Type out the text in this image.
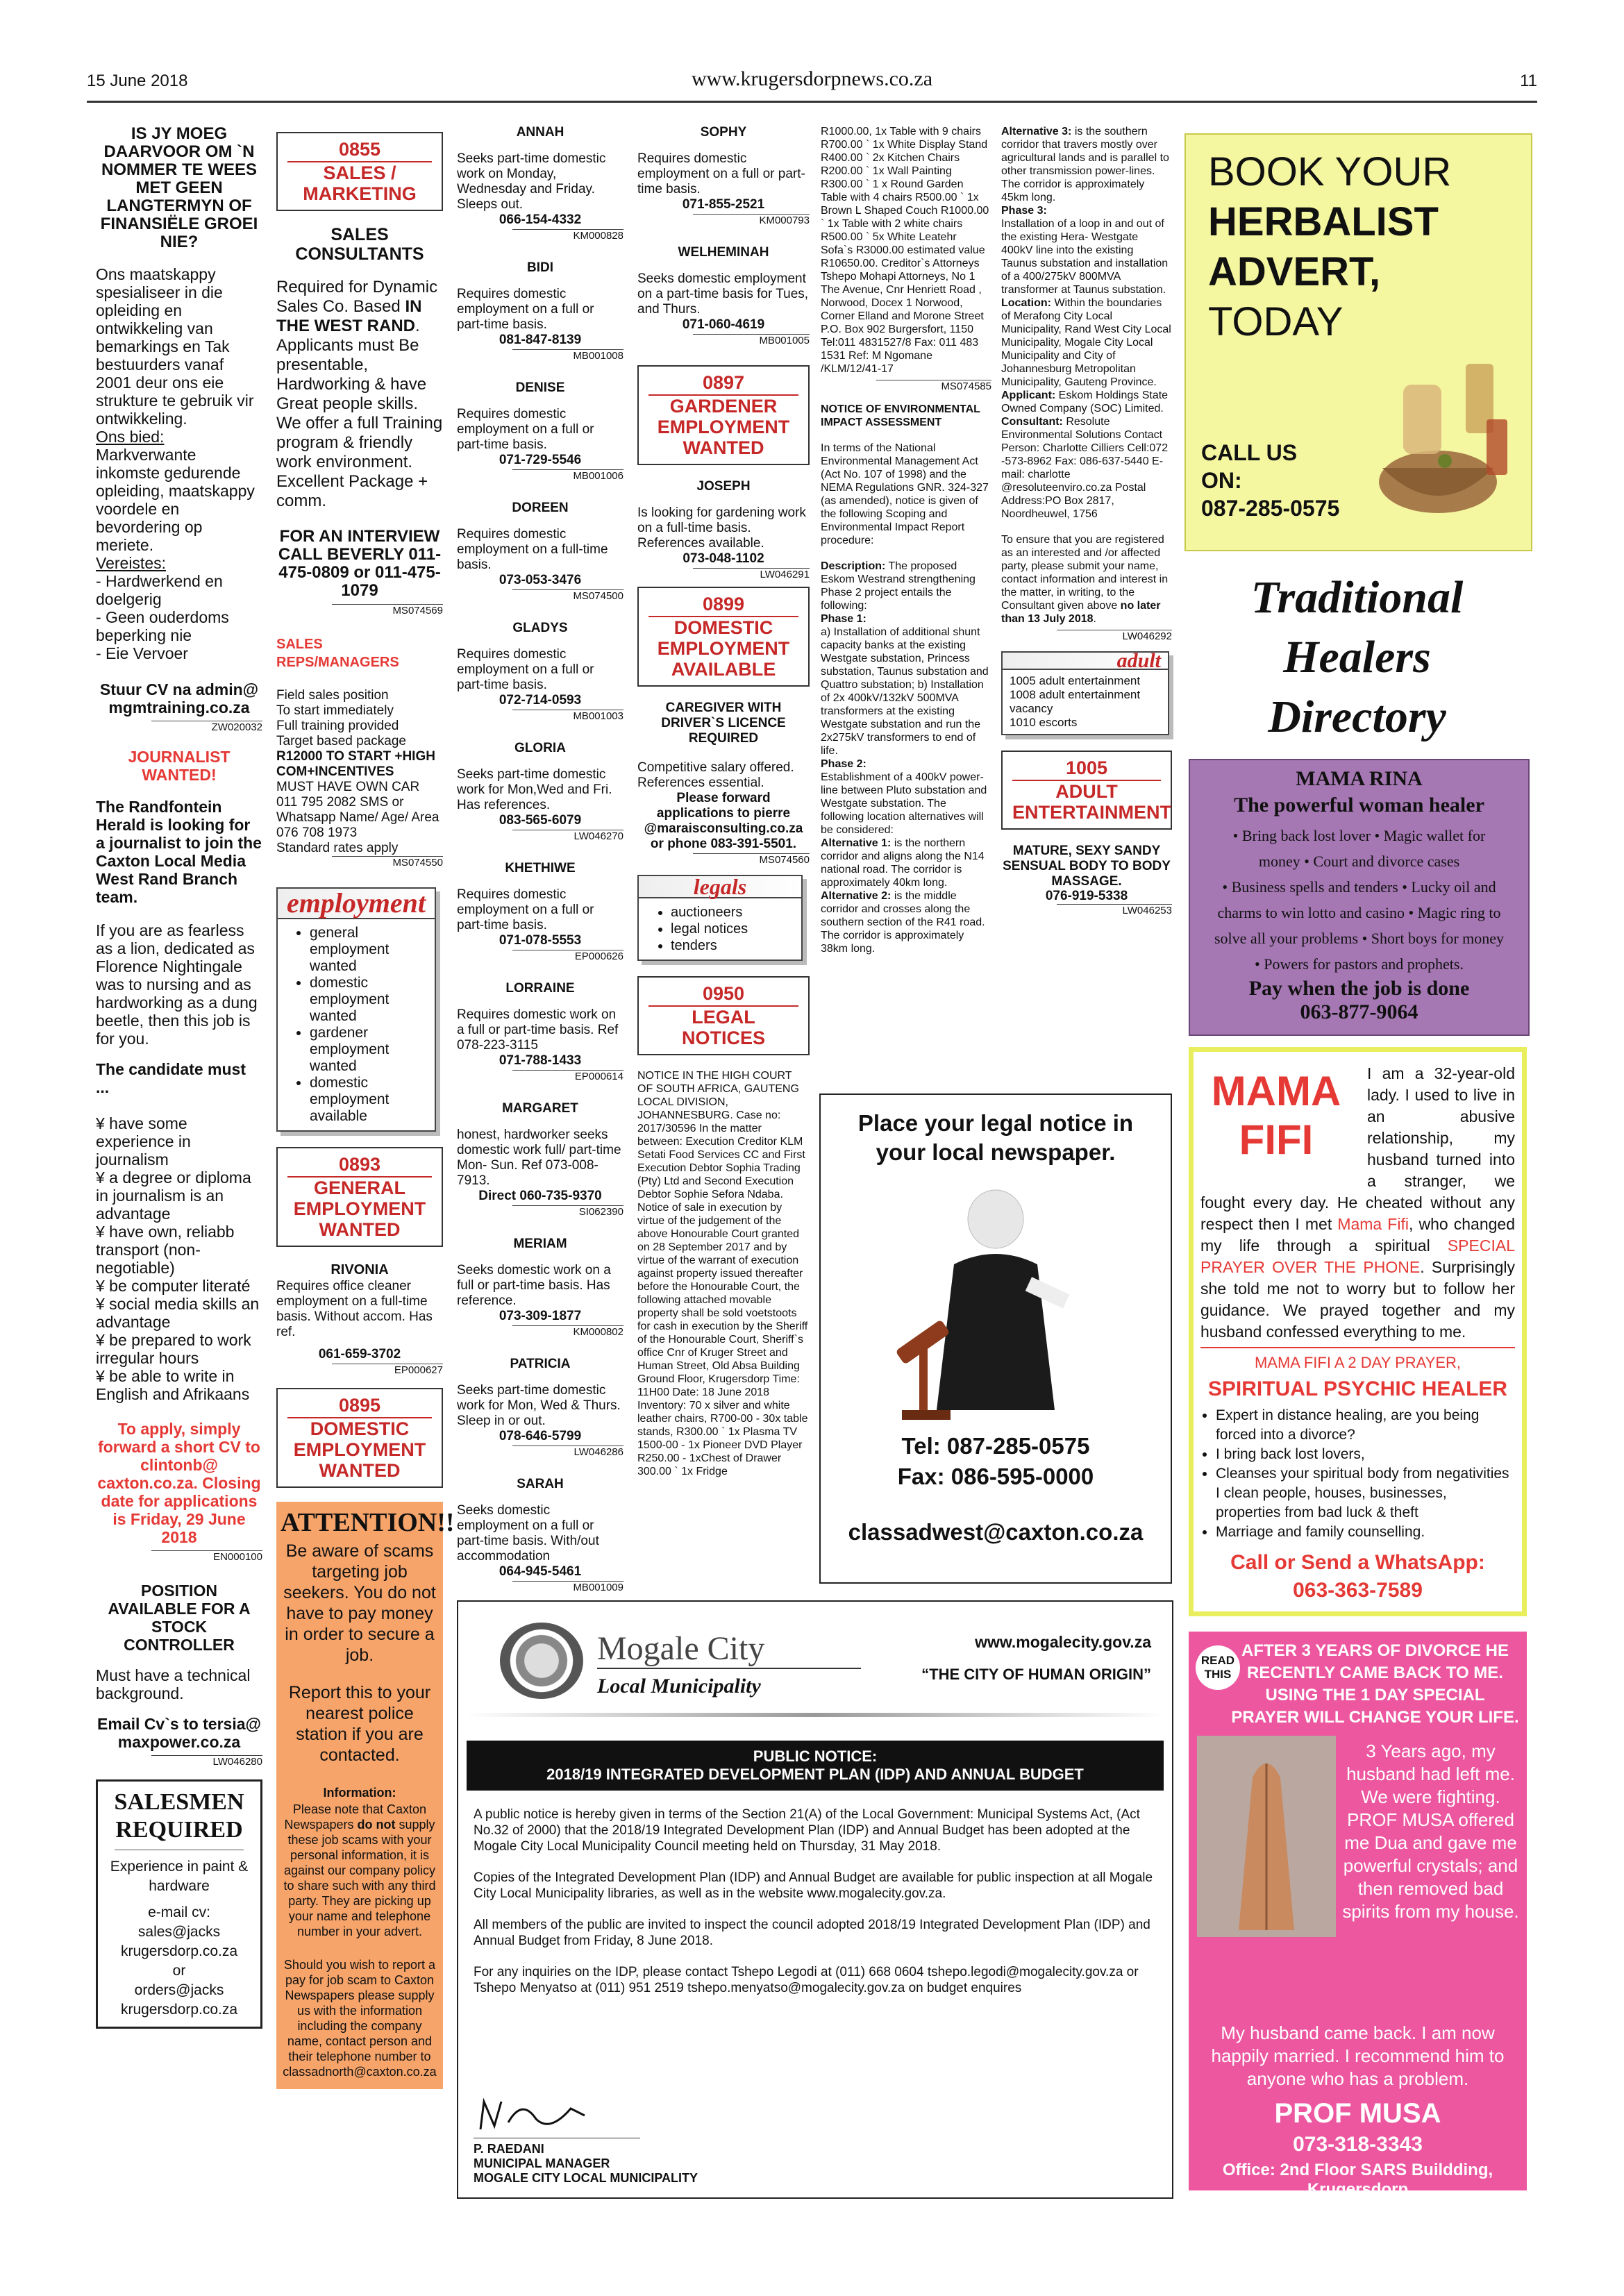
15 June 2018	www.krugersdorpnews.co.za	11
IS JY MOEG DAARVOOR OM `N NOMMER TE WEES MET GEEN LANGTERMYN OF FINANSIËLE GROEI NIE?
Ons maatskappy spesialiseer in die opleiding en ontwikkeling van bemarkings en Tak bestuurders vanaf 2001 deur ons eie strukture te gebruik vir ontwikkeling.
Ons bied:
Markverwante inkomste gedurende opleiding, maatskappy voordele en bevordering op meriete.
Vereistes:
- Hardwerkend en doelgerig
- Geen ouderdoms beperking nie
- Eie Vervoer
Stuur CV na admin@ mgmtraining.co.za
ZW020032
JOURNALIST WANTED!
The Randfontein Herald is looking for a journalist to join the Caxton Local Media West Rand Branch team.
If you are as fearless as a lion, dedicated as Florence Nightingale was to nursing and as hardworking as a dung beetle, then this job is for you.
The candidate must ...
¥ have some experience in journalism
¥ a degree or diploma in journalism is an advantage
¥ have own, reliabb transport (non-negotiable)
¥ be computer literaté
¥ social media skills an advantage
¥ be prepared to work irregular hours
¥ be able to write in English and Afrikaans
To apply, simply forward a short CV to clintonb@ caxton.co.za. Closing date for applications is Friday, 29 June 2018
EN000100
POSITION AVAILABLE FOR A STOCK CONTROLLER
Must have a technical background.
Email Cv`s to tersia@ maxpower.co.za
LW046280
SALESMEN REQUIRED
Experience in paint & hardware
e-mail cv:
sales@jacks krugersdorp.co.za
or
orders@jacks krugersdorp.co.za
0855
SALES / MARKETING
SALES CONSULTANTS
Required for Dynamic Sales Co. Based IN THE WEST RAND. Applicants must Be presentable, Hardworking & have Great people skills. We offer a full Training program & friendly work environment. Excellent Package + comm.
FOR AN INTERVIEW CALL BEVERLY 011- 475-0809 or 011-475-1079
MS074569
SALES REPS/MANAGERS
Field sales position
To start immediately
Full training provided
Target based package
R12000 TO START +HIGH COM+INCENTIVES
MUST HAVE OWN CAR
011 795 2082 SMS or Whatsapp Name/ Age/ Area 076 708 1973
Standard rates apply
MS074550
employment
• general employment wanted
• domestic employment wanted
• gardener employment wanted
• domestic employment available
0893
GENERAL EMPLOYMENT WANTED
RIVONIA
Requires office cleaner employment on a full-time basis. Without accom. Has ref.
061-659-3702
EP000627
0895
DOMESTIC EMPLOYMENT WANTED
ATTENTION!!
Be aware of scams targeting job seekers. You do not have to pay money in order to secure a job.
Report this to your nearest police station if you are contacted.
Information:
Please note that Caxton Newspapers do not supply these job scams with your personal information, it is against our company policy to share such with any third party. They are picking up your name and telephone number in your advert.
Should you wish to report a pay for job scam to Caxton Newspapers please supply us with the information including the company name, contact person and their telephone number to classadnorth@caxton.co.za
ANNAH
Seeks part-time domestic work on Monday, Wednesday and Friday. Sleeps out.
066-154-4332
KM000828
BIDI
Requires domestic employment on a full or part-time basis.
081-847-8139
MB001008
DENISE
Requires domestic employment on a full or part-time basis.
071-729-5546
MB001006
DOREEN
Requires domestic employment on a full-time basis.
073-053-3476
MS074500
GLADYS
Requires domestic employment on a full or part-time basis.
072-714-0593
MB001003
GLORIA
Seeks part-time domestic work for Mon,Wed and Fri. Has references.
083-565-6079
LW046270
KHETHIWE
Requires domestic employment on a full or part-time basis.
071-078-5553
EP000626
LORRAINE
Requires domestic work on a full or part-time basis. Ref 078-223-3115
071-788-1433
EP000614
MARGARET
honest, hardworker seeks domestic work full/ part-time Mon- Sun. Ref 073-008-7913.
Direct 060-735-9370
SI062390
MERIAM
Seeks domestic work on a full or part-time basis. Has reference.
073-309-1877
KM000802
PATRICIA
Seeks part-time domestic work for Mon, Wed & Thurs. Sleep in or out.
078-646-5799
LW046286
SARAH
Seeks domestic employment on a full or part-time basis. With/out accommodation
064-945-5461
MB001009
SOPHY
Requires domestic employment on a full or part-time basis.
071-855-2521
KM000793
WELHEMINAH
Seeks domestic employment on a part-time basis for Tues, and Thurs.
071-060-4619
MB001005
0897
GARDENER EMPLOYMENT WANTED
JOSEPH
Is looking for gardening work on a full-time basis. References available.
073-048-1102
LW046291
0899
DOMESTIC EMPLOYMENT AVAILABLE
CAREGIVER WITH DRIVER`S LICENCE REQUIRED
Competitive salary offered. References essential.
Please forward applications to pierre @maraisconsulting.co.za or phone 083-391-5501.
MS074560
legals
• auctioneers
• legal notices
• tenders
0950
LEGAL NOTICES
NOTICE IN THE HIGH COURT OF SOUTH AFRICA, GAUTENG LOCAL DIVISION, JOHANNESBURG. Case no: 2017/30596 In the matter between: Execution Creditor KLM Setati Food Services CC and First Execution Debtor Sophia Trading (Pty) Ltd and Second Execution Debtor Sophie Sefora Ndaba. Notice of sale in execution by virtue of the judgement of the above Honourable Court granted on 28 September 2017 and by virtue of the warrant of execution against property issued thereafter before the Honourable Court, the following attached movable property shall be sold voetstoots for cash in execution by the Sheriff of the Honourable Court, Sheriff`s office Cnr of Kruger Street and Human Street, Old Absa Building Ground Floor, Krugersdorp Time: 11H00 Date: 18 June 2018 Inventory: 70 x silver and white leather chairs, R700-00 - 30x table stands, R300.00 ` 1x Plasma TV 1500-00 - 1x Pioneer DVD Player R250.00 - 1xChest of Drawer 300.00 ` 1x Fridge
R1000.00, 1x Table with 9 chairs R700.00 ` 1x White Display Stand R400.00 ` 2x Kitchen Chairs R200.00 ` 1x Wall Painting R300.00 ` 1 x Round Garden Table with 4 chairs R500.00 ` 1x Brown L Shaped Couch R1000.00 ` 1x Table with 2 white chairs R500.00 ` 5x White Leatehr Sofa`s R3000.00 estimated value R10650.00. Creditor`s Attorneys Tshepo Mohapi Attorneys, No 1 The Avenue, Cnr Henriett Road , Norwood, Docex 1 Norwood, Corner Elland and Morone Street P.O. Box 902 Burgersfort, 1150 Tel:011 4831527/8 Fax: 011 483 1531 Ref: M Ngomane /KLM/12/41-17
MS074585
NOTICE OF ENVIRONMENTAL IMPACT ASSESSMENT
In terms of the National Environmental Management Act (Act No. 107 of 1998) and the NEMA Regulations GNR. 324-327 (as amended), notice is given of the following Scoping and Environmental Impact Report procedure:
Description: The proposed Eskom Westrand strengthening Phase 2 project entails the following:
Phase 1:
a) Installation of additional shunt capacity banks at the existing Westgate substation, Princess substation, Taunus substation and Quattro substation; b) Installation of 2x 400kV/132kV 500MVA transformers at the existing Westgate substation and run the 2x275kV transformers to end of life.
Phase 2:
Establishment of a 400kV power-line between Pluto substation and Westgate substation. The following location alternatives will be considered:
Alternative 1: is the northern corridor and aligns along the N14 national road. The corridor is approximately 40km long.
Alternative 2: is the middle corridor and crosses along the southern section of the R41 road. The corridor is approximately 38km long.
Alternative 3: is the southern corridor that travers mostly over agricultural lands and is parallel to other transmission power-lines. The corridor is approximately 45km long.
Phase 3:
Installation of a loop in and out of the existing Hera- Westgate 400kV line into the existing Taunus substation and installation of a 400/275kV 800MVA transformer at Taunus substation.
Location: Within the boundaries of Merafong City Local Municipality, Rand West City Local Municipality, Mogale City Local Municipality and City of Johannesburg Metropolitan Municipality, Gauteng Province.
Applicant: Eskom Holdings State Owned Company (SOC) Limited.
Consultant: Resolute Environmental Solutions Contact Person: Charlotte Cilliers Cell:072 -573-8962 Fax: 086-637-5440 E-mail: charlotte @resoluteenviro.co.za Postal Address:PO Box 2817, Noordheuwel, 1756
To ensure that you are registered as an interested and /or affected party, please submit your name, contact information and interest in the matter, in writing, to the Consultant given above no later than 13 July 2018.
LW046292
adult
1005 adult entertainment
1008 adult entertainment vacancy
1010 escorts
1005
ADULT ENTERTAINMENT
MATURE, SEXY SANDY SENSUAL BODY TO BODY MASSAGE.
076-919-5338
LW046253
Place your legal notice in
your local newspaper.
Tel: 087-285-0575
Fax: 086-595-0000
classadwest@caxton.co.za
Mogale City
Local Municipality
www.mogalecity.gov.za
“THE CITY OF HUMAN ORIGIN”
PUBLIC NOTICE:
2018/19 INTEGRATED DEVELOPMENT PLAN (IDP) AND ANNUAL BUDGET
A public notice is hereby given in terms of the Section 21(A) of the Local Government: Municipal Systems Act, (Act No.32 of 2000) that the 2018/19 Integrated Development Plan (IDP) and Annual Budget has been adopted at the Mogale City Local Municipality Council meeting held on Thursday, 31 May 2018.
Copies of the Integrated Development Plan (IDP) and Annual Budget are available for public inspection at all Mogale City Local Municipality libraries, as well as in the website www.mogalecity.gov.za.
All members of the public are invited to inspect the council adopted 2018/19 Integrated Development Plan (IDP) and Annual Budget from Friday, 8 June 2018.
For any inquiries on the IDP, please contact Tshepo Legodi at (011) 668 0604 tshepo.legodi@mogalecity.gov.za or Tshepo Menyatso at (011) 951 2519 tshepo.menyatso@mogalecity.gov.za on budget enquires
P. RAEDANI
MUNICIPAL MANAGER
MOGALE CITY LOCAL MUNICIPALITY
BOOK YOUR
HERBALIST
ADVERT,
TODAY
CALL US
ON:
087-285-0575
Traditional
Healers
Directory
MAMA RINA
The powerful woman healer
• Bring back lost lover • Magic wallet for
money • Court and divorce cases
• Business spells and tenders • Lucky oil and
charms to win lotto and casino • Magic ring to
solve all your problems • Short boys for money
• Powers for pastors and prophets.
Pay when the job is done
063-877-9064
MAMA
FIFI
I am a 32-year-old lady. I used to live in an abusive relationship, my husband turned into a stranger, we fought every day. He cheated without any respect then I met Mama Fifi, who changed my life through a spiritual SPECIAL PRAYER OVER THE PHONE. Surprisingly she told me not to worry but to follow her guidance. We prayed together and my husband confessed everything to me.
MAMA FIFI A 2 DAY PRAYER,
SPIRITUAL PSYCHIC HEALER
• Expert in distance healing, are you being forced into a divorce?
• I bring back lost lovers,
• Cleanses your spiritual body from negativities I clean people, houses, businesses, properties from bad luck & theft
• Marriage and family counselling.
Call or Send a WhatsApp:
063-363-7589
READ
THIS
AFTER 3 YEARS OF DIVORCE HE RECENTLY CAME BACK TO ME. USING THE 1 DAY SPECIAL PRAYER WILL CHANGE YOUR LIFE.
3 Years ago, my husband had left me. We were fighting. PROF MUSA offered me Dua and gave me powerful crystals; and then removed bad spirits from my house.
My husband came back. I am now happily married. I recommend him to anyone who has a problem.
PROF MUSA
073-318-3343
Office: 2nd Floor SARS Buildding, Krugersdorp
